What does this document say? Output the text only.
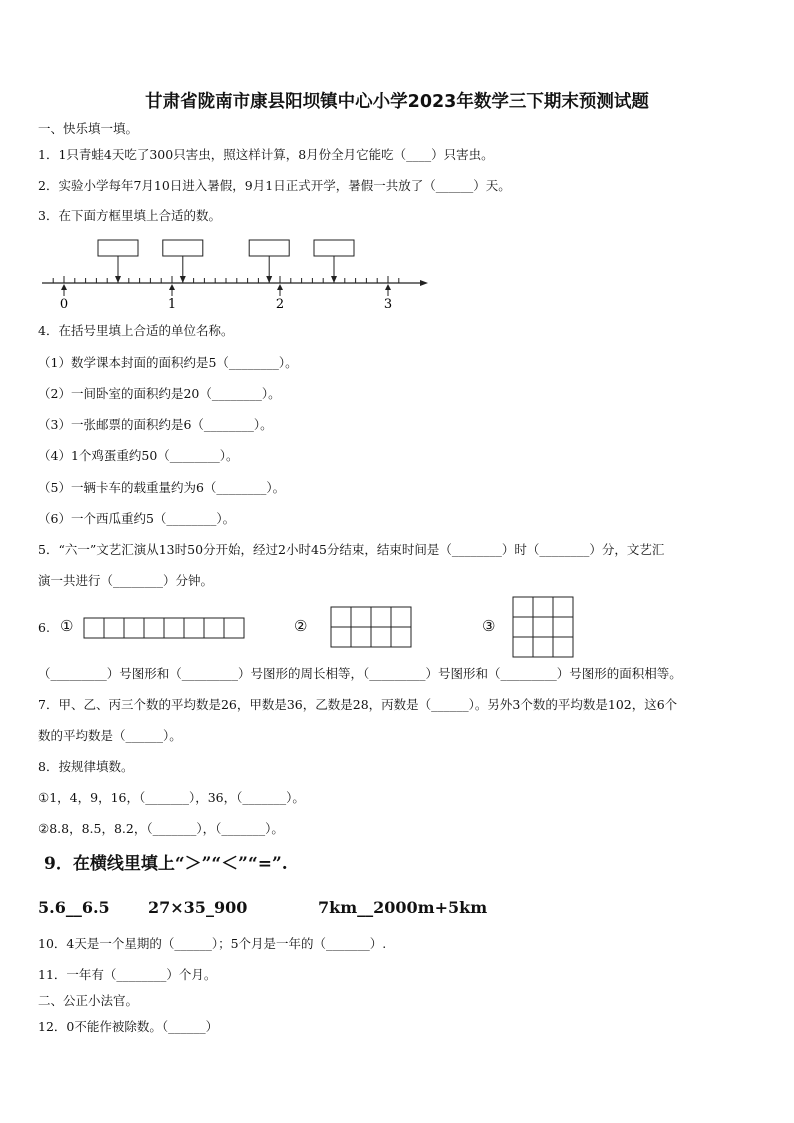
甘肃省陇南市康县阳坝镇中心小学2023年数学三下期末预测试题
一、快乐填一填。
1．1只青蛙4天吃了300只害虫，照这样计算，8月份全月它能吃（____）只害虫。
2．实验小学每年7月10日进入暑假，9月1日正式开学，暑假一共放了（______）天。
3．在下面方框里填上合适的数。
0	1	2	3
4．在括号里填上合适的单位名称。
（1）数学课本封面的面积约是5（________）。
（2）一间卧室的面积约是20（________）。
（3）一张邮票的面积约是6（________）。
（4）1个鸡蛋重约50（________）。
（5）一辆卡车的载重量约为6（________）。
（6）一个西瓜重约5（________）。
5．“六一”文艺汇演从13时50分开始，经过2小时45分结束，结束时间是（________）时（________）分，文艺汇
演一共进行（________）分钟。
6. ①	②	③
（_________）号图形和（_________）号图形的周长相等，（_________）号图形和（_________）号图形的面积相等。
7．甲、乙、丙三个数的平均数是26，甲数是36，乙数是28，丙数是（______）。另外3个数的平均数是102，这6个
数的平均数是（______）。
8．按规律填数。
①1，4，9，16，（_______），36，（_______）。
②8.8，8.5，8.2，（_______），（_______）。
9．在横线里填上“＞”“＜”“=”.
5.6__6.5 27×35_900	7km__2000m+5km
10．4天是一个星期的（______）；5个月是一年的（_______）.
11．一年有（________）个月。
二、公正小法官。
12．0不能作被除数。（______）
